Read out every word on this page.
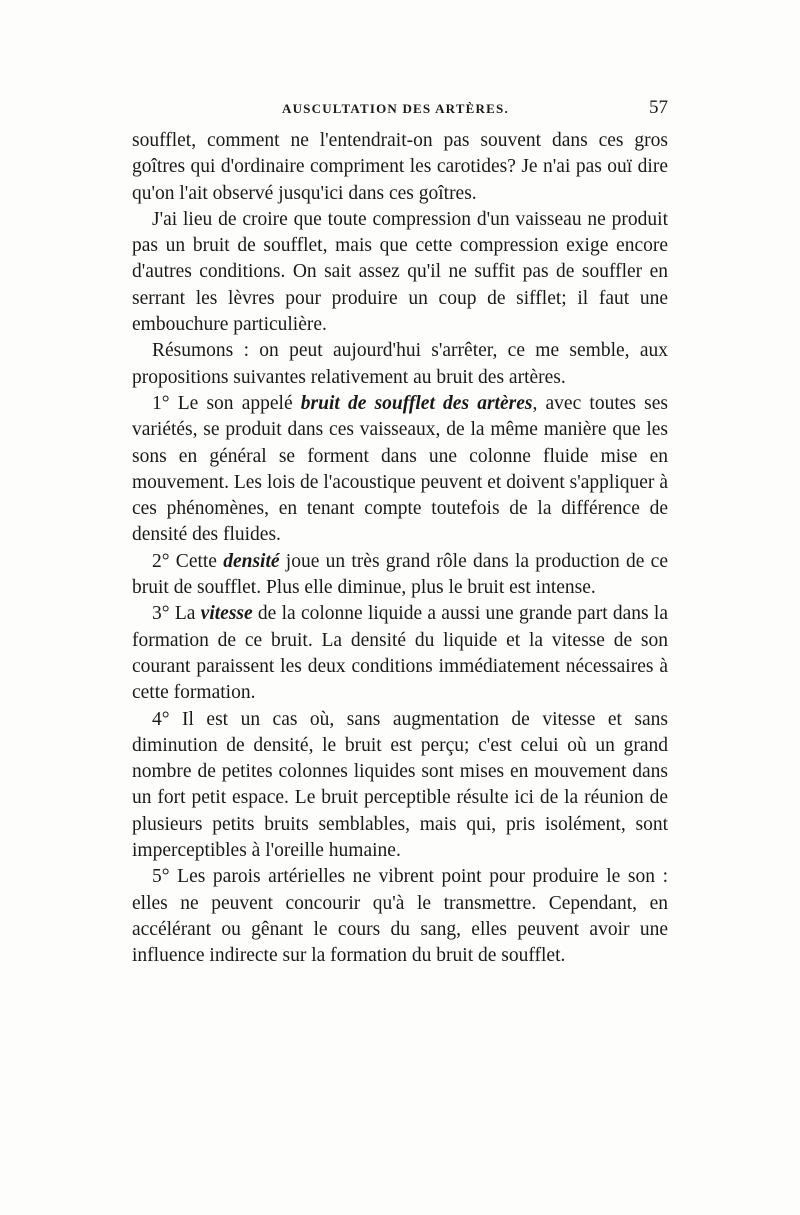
AUSCULTATION DES ARTÈRES.	57

soufflet, comment ne l'entendrait-on pas souvent dans ces gros goîtres qui d'ordinaire compriment les carotides? Je n'ai pas ouï dire qu'on l'ait observé jusqu'ici dans ces goîtres.

J'ai lieu de croire que toute compression d'un vaisseau ne produit pas un bruit de soufflet, mais que cette compression exige encore d'autres conditions. On sait assez qu'il ne suffit pas de souffler en serrant les lèvres pour produire un coup de sifflet; il faut une embouchure particulière.

Résumons : on peut aujourd'hui s'arrêter, ce me semble, aux propositions suivantes relativement au bruit des artères.

1° Le son appelé bruit de soufflet des artères, avec toutes ses variétés, se produit dans ces vaisseaux, de la même manière que les sons en général se forment dans une colonne fluide mise en mouvement. Les lois de l'acoustique peuvent et doivent s'appliquer à ces phénomènes, en tenant compte toutefois de la différence de densité des fluides.

2° Cette densité joue un très grand rôle dans la production de ce bruit de soufflet. Plus elle diminue, plus le bruit est intense.

3° La vitesse de la colonne liquide a aussi une grande part dans la formation de ce bruit. La densité du liquide et la vitesse de son courant paraissent les deux conditions immédiatement nécessaires à cette formation.

4° Il est un cas où, sans augmentation de vitesse et sans diminution de densité, le bruit est perçu; c'est celui où un grand nombre de petites colonnes liquides sont mises en mouvement dans un fort petit espace. Le bruit perceptible résulte ici de la réunion de plusieurs petits bruits semblables, mais qui, pris isolément, sont imperceptibles à l'oreille humaine.

5° Les parois artérielles ne vibrent point pour produire le son : elles ne peuvent concourir qu'à le transmettre. Cependant, en accélérant ou gênant le cours du sang, elles peuvent avoir une influence indirecte sur la formation du bruit de soufflet.
